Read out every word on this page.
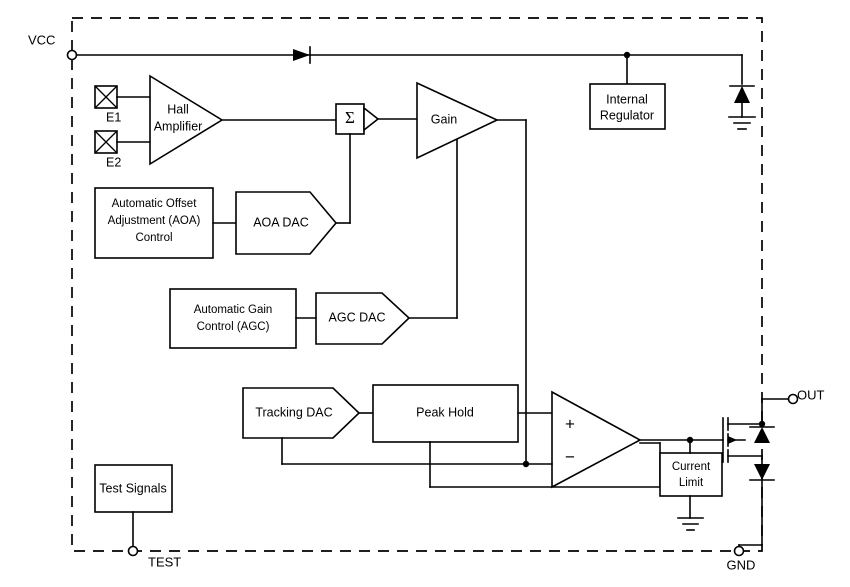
VCC
OUT
GND
TEST
E1
E2
Hall
Amplifier	Σ	Gain
Internal
Regulator
Automatic Offset
Adjustment (AOA)
Control
AOA DAC
Automatic Gain
Control (AGC)
AGC DAC
Tracking DAC	Peak Hold
+
−
Current
Limit
Test Signals
